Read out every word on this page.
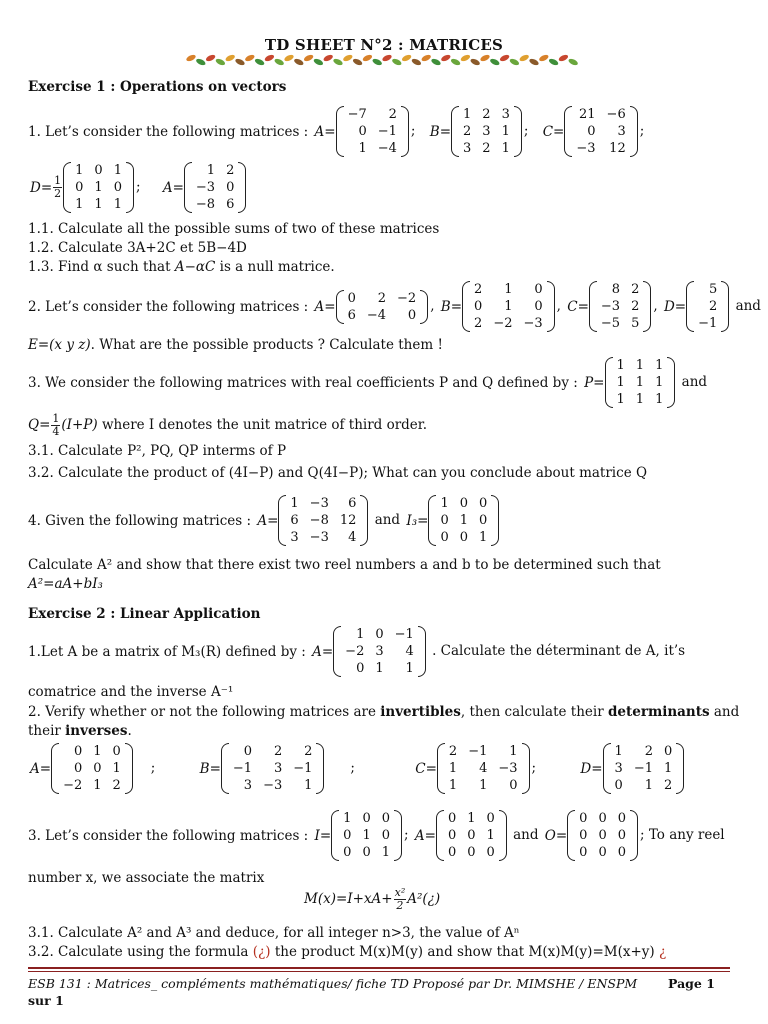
TD SHEET N°2 : MATRICES
Exercise 1 : Operations on vectors
1. Let’s consider the following matrices : A=
−7	2
0 −1
1 −4
; B=
1 2 3
2 3 1
3 2 1
; C=
21 −6
0	3
−3 12
;
$D= \frac{1}{2}$
1 0 1
0 1 0
1 1 1
; A=
1 2
−3 0
−8 6
1.1. Calculate all the possible sums of two of these matrices
1.2. Calculate 3A+2C et 5B−4D
1.3. Find α such that A−αC is a null matrice.
2. Let’s consider the following matrices : A=
0	2 −2
6 −4	0
, B=
2	1	0
0	1	0
2 −2 −3
, C=
8 2
−3 2
−5 5
, D=
5
2
−1
and
E=(x y z). What are the possible products ? Calculate them !
3. We consider the following matrices with real coefficients P and Q defined by : P=
1 1 1
1 1 1
1 1 1
and
$Q= \frac{1}{4} (I+P)$ where I denotes the unit matrice of third order.
3.1. Calculate P², PQ, QP interms of P
3.2. Calculate the product of (4I−P) and Q(4I−P); What can you conclude about matrice Q
4. Given the following matrices : A=
1 −3	6
6 −8 12
3 −3	4
and I₃=
1 0 0
0 1 0
0 0 1
Calculate A² and show that there exist two reel numbers a and b to be determined such that
A²=aA+bI₃
Exercise 2 : Linear Application
1.Let A be a matrix of M₃(R) defined by : A=
1 0 −1
−2 3	4
0 1	1
. Calculate the déterminant de A, it’s
comatrice and the inverse A⁻¹
2. Verify whether or not the following matrices are invertibles, then calculate their determinants and
their inverses.
A=
0 1 0
0 0 1
−2 1 2
;	B=
0	2	2
−1	3 −1
3 −3	1
;	C=
2 −1	1
1	4 −3
1	1	0
;	D=
1	2 0
3 −1 1
0	1 2
3. Let’s consider the following matrices : I=
1 0 0
0 1 0
0 0 1
; A=
0 1 0
0 0 1
0 0 0
and O=
0 0 0
0 0 0
0 0 0
; To any reel
number x, we associate the matrix
$M(x)=I+xA+ \frac{\text{x²}}{2}$ A²(¿)
3.1. Calculate A² and A³ and deduce, for all integer n>3, the value of Aⁿ
3.2. Calculate using the formula (¿) the product M(x)M(y) and show that M(x)M(y)=M(x+y) ¿
ESB 131 : Matrices_ compléments mathématiques/ fiche TD Proposé par Dr. MIMSHE / ENSPM Page 1
sur 1
